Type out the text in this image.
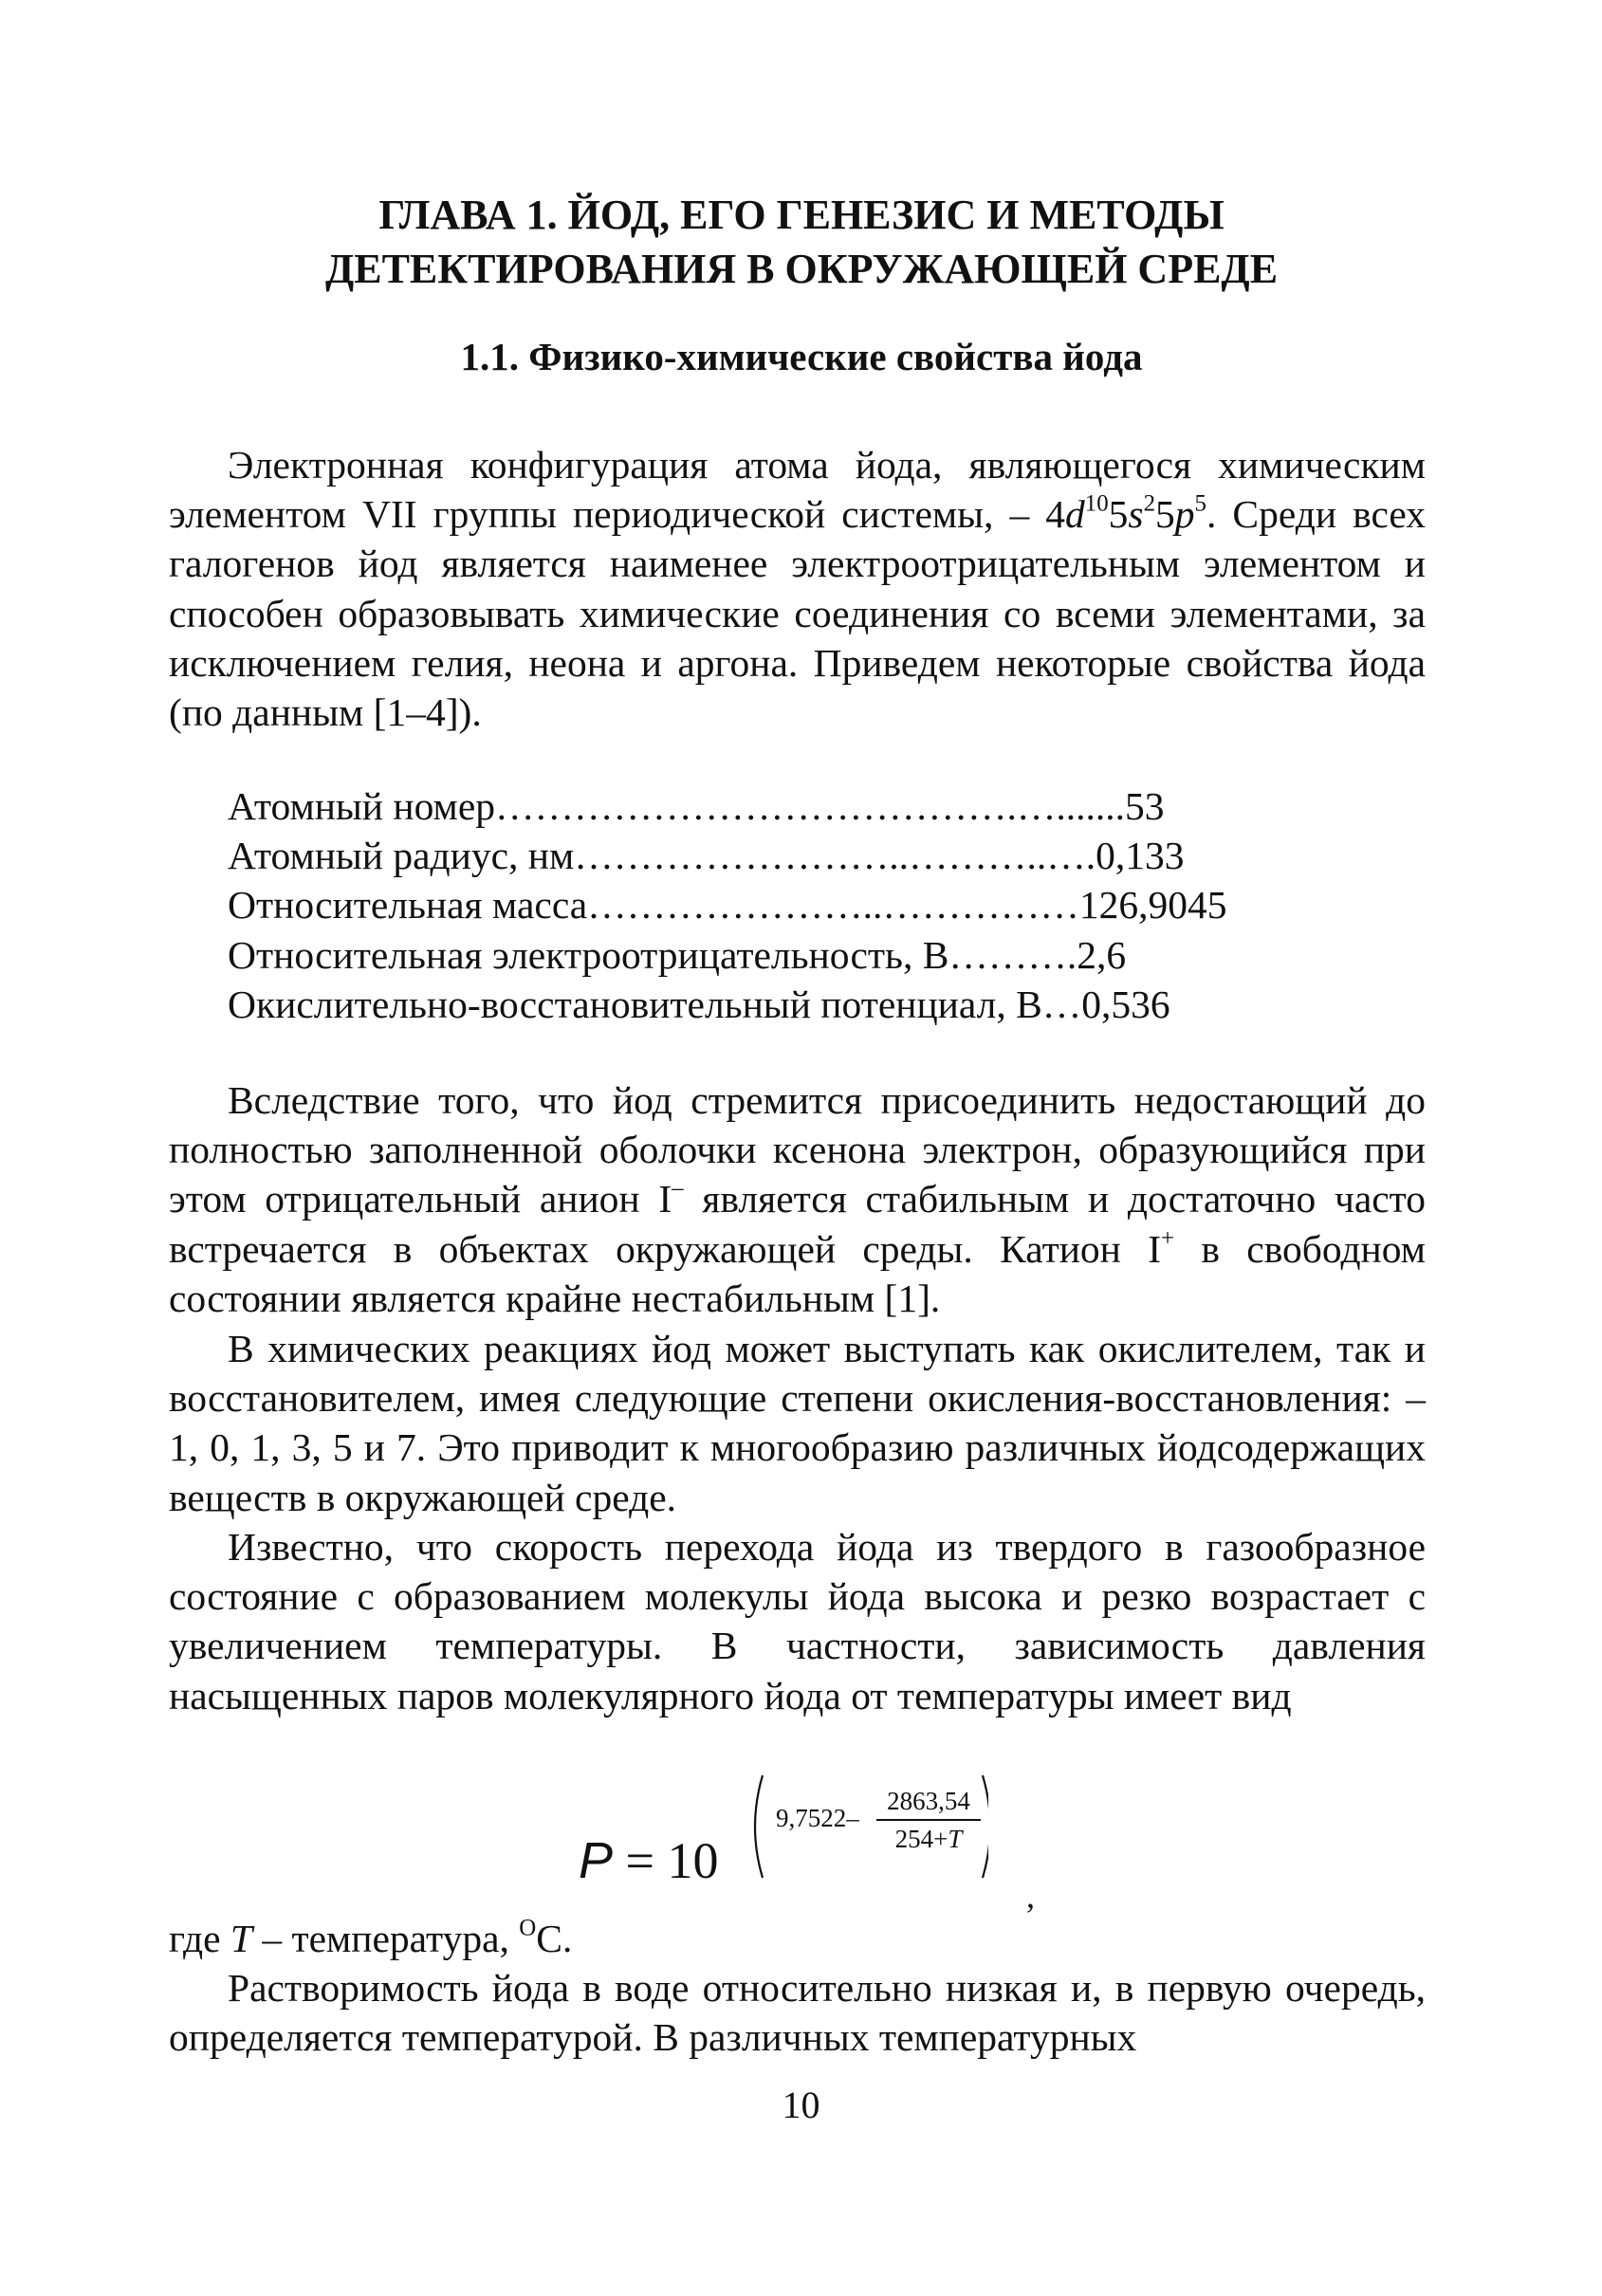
ГЛАВА 1. ЙОД, ЕГО ГЕНЕЗИС И МЕТОДЫ
ДЕТЕКТИРОВАНИЯ В ОКРУЖАЮЩЕЙ СРЕДЕ
1.1. Физико-химические свойства йода

Электронная конфигурация атома йода, являющегося химическим элементом VII группы периодической системы, – $4d^{10}5s^25p^5$. Среди всех галогенов йод является наименее электроотрицательным элементом и способен образовывать химические соединения со всеми элементами, за исключением гелия, неона и аргона. Приведем некоторые свойства йода (по данным [1–4]).

Атомный номер………………………………….….......53
Атомный радиус, нм……………………..………..….0,133
Относительная масса…………………..……………126,9045
Относительная электроотрицательность, В……….2,6
Окислительно-восстановительный потенциал, В…0,536

Вследствие того, что йод стремится присоединить недостающий до полностью заполненной оболочки ксенона электрон, образующийся при этом отрицательный анион I– является стабильным и достаточно часто встречается в объектах окружающей среды. Катион I+ в свободном состоянии является крайне нестабильным [1].

В химических реакциях йод может выступать как окислителем, так и восстановителем, имея следующие степени окисления-восстановления: –1, 0, 1, 3, 5 и 7. Это приводит к многообразию различных йодсодержащих веществ в окружающей среде.

Известно, что скорость перехода йода из твердого в газообразное состояние с образованием молекулы йода высока и резко возрастает с увеличением температуры. В частности, зависимость давления насыщенных паров молекулярного йода от температуры имеет вид

P = 10
9,7522–
2863,54
254+T
,

где T – температура, $^O$C.

Растворимость йода в воде относительно низкая и, в первую очередь, определяется температурой. В различных температурных

10
